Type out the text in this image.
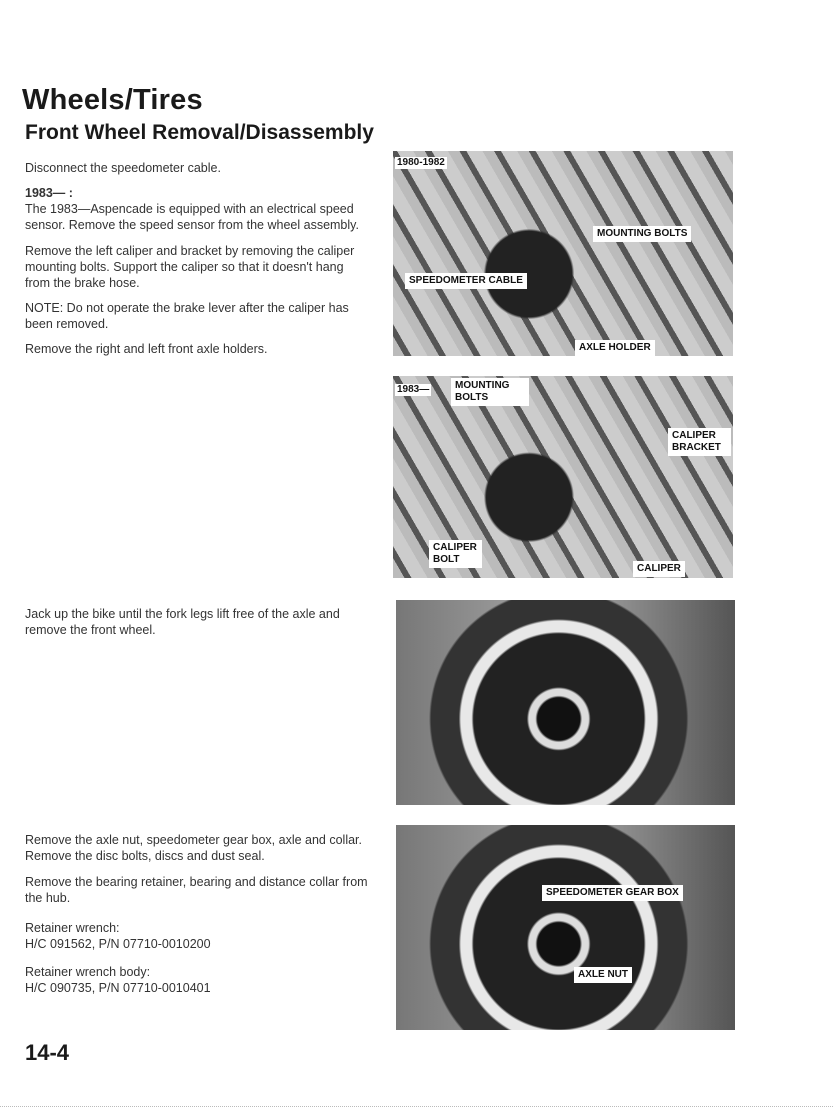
Wheels/Tires
Front Wheel Removal/Disassembly

Disconnect the speedometer cable.

1983— :

The 1983—Aspencade is equipped with an electrical speed sensor. Remove the speed sensor from the wheel assembly.

Remove the left caliper and bracket by removing the caliper mounting bolts. Support the caliper so that it doesn't hang from the brake hose.

NOTE: Do not operate the brake lever after the caliper has been removed.

Remove the right and left front axle holders.

Jack up the bike until the fork legs lift free of the axle and remove the front wheel.

Remove the axle nut, speedometer gear box, axle and collar. Remove the disc bolts, discs and dust seal.

Remove the bearing retainer, bearing and distance collar from the hub.

Retainer wrench:

H/C 091562, P/N 07710-0010200

Retainer wrench body:

H/C 090735, P/N 07710-0010401

1980-1982
MOUNTING BOLTS
SPEEDOMETER CABLE
AXLE HOLDER
1983—	MOUNTING BOLTS
CALIPER BRACKET
CALIPER BOLT
CALIPER
SPEEDOMETER GEAR BOX
AXLE NUT
14-4
